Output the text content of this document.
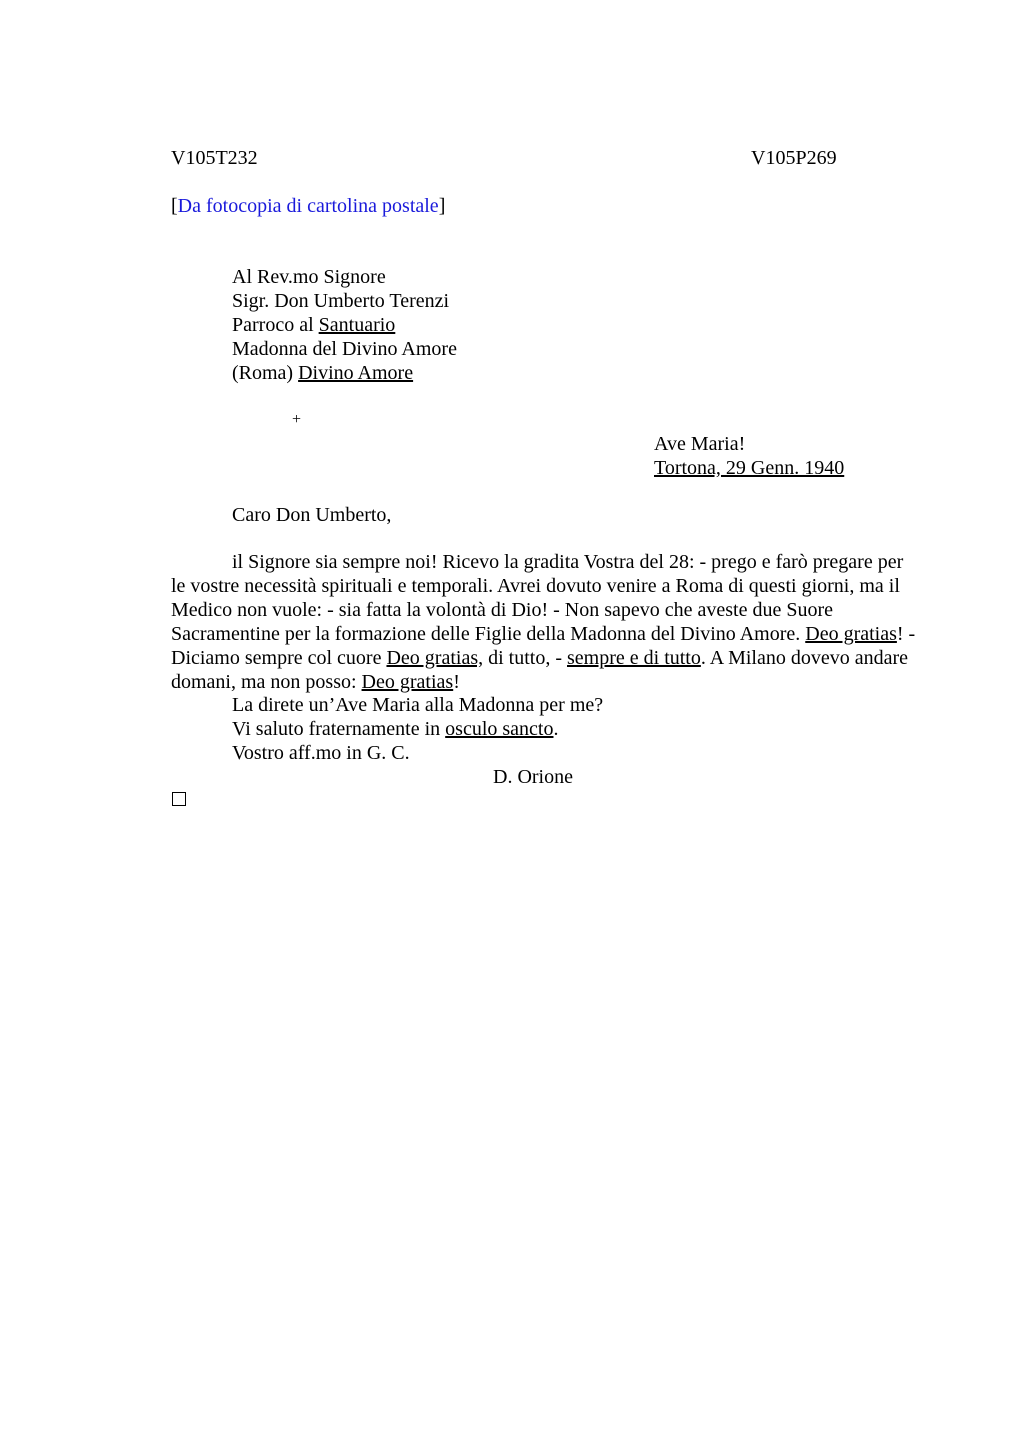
V105T232	V105P269
[Da fotocopia di cartolina postale]
Al Rev.mo Signore
Sigr. Don Umberto Terenzi
Parroco al Santuario
Madonna del Divino Amore
(Roma) Divino Amore
+
Ave Maria!
Tortona, 29 Genn. 1940
Caro Don Umberto,
il Signore sia sempre noi! Ricevo la gradita Vostra del 28: - prego e farò pregare per le vostre necessità spirituali e temporali. Avrei dovuto venire a Roma di questi giorni, ma il Medico non vuole: - sia fatta la volontà di Dio! - Non sapevo che aveste due Suore Sacramentine per la formazione delle Figlie della Madonna del Divino Amore. Deo gratias! - Diciamo sempre col cuore Deo gratias, di tutto, - sempre e di tutto. A Milano dovevo andare domani, ma non posso: Deo gratias!
La direte un’Ave Maria alla Madonna per me?
Vi saluto fraternamente in osculo sancto.
Vostro aff.mo in G. C.
D. Orione
